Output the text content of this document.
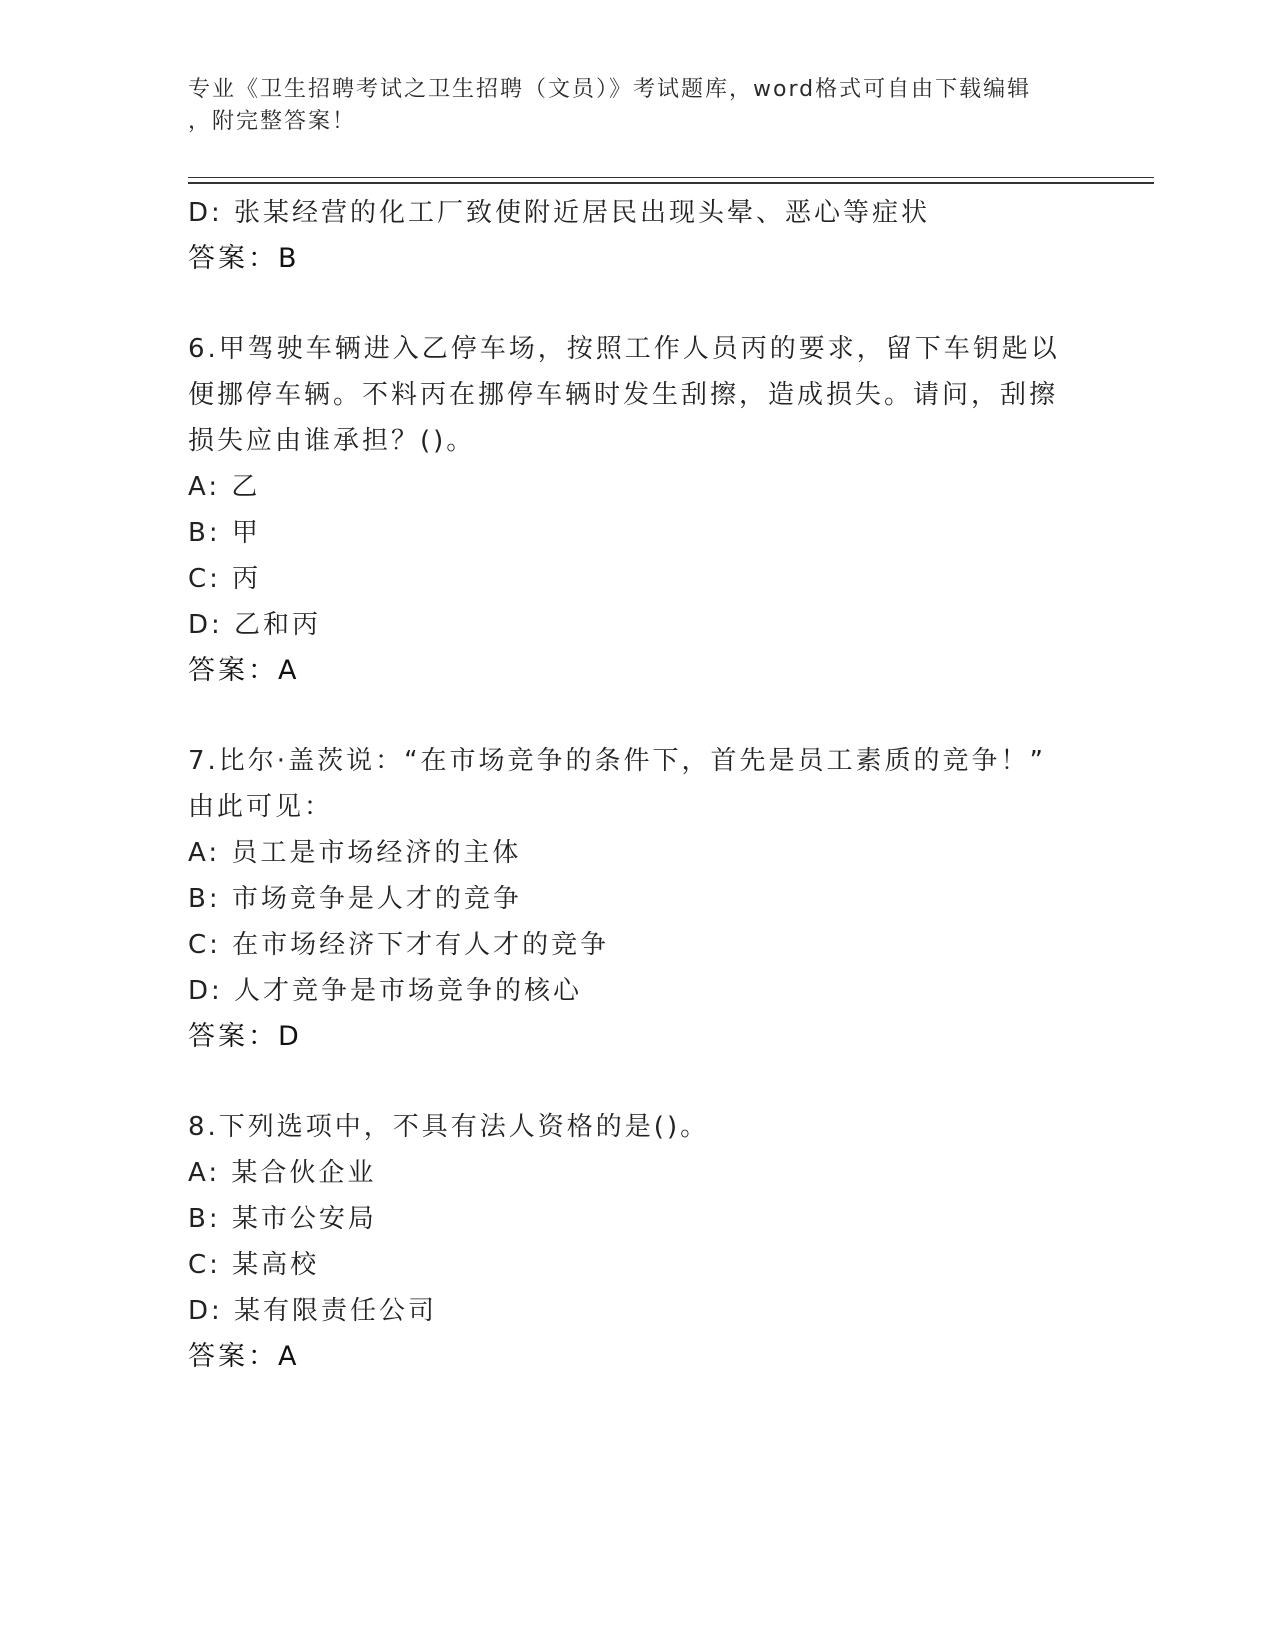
专业《卫生招聘考试之卫生招聘（文员）》考试题库，word格式可自由下载编辑
，附完整答案！
D: 张某经营的化工厂致使附近居民出现头晕、恶心等症状
答案：B
6.甲驾驶车辆进入乙停车场，按照工作人员丙的要求，留下车钥匙以
便挪停车辆。不料丙在挪停车辆时发生刮擦，造成损失。请问，刮擦
损失应由谁承担？()。
A: 乙
B: 甲
C: 丙
D: 乙和丙
答案：A
7.比尔·盖茨说：“在市场竞争的条件下，首先是员工素质的竞争！”
由此可见：
A: 员工是市场经济的主体
B: 市场竞争是人才的竞争
C: 在市场经济下才有人才的竞争
D: 人才竞争是市场竞争的核心
答案：D
8.下列选项中，不具有法人资格的是()。
A: 某合伙企业
B: 某市公安局
C: 某高校
D: 某有限责任公司
答案：A
